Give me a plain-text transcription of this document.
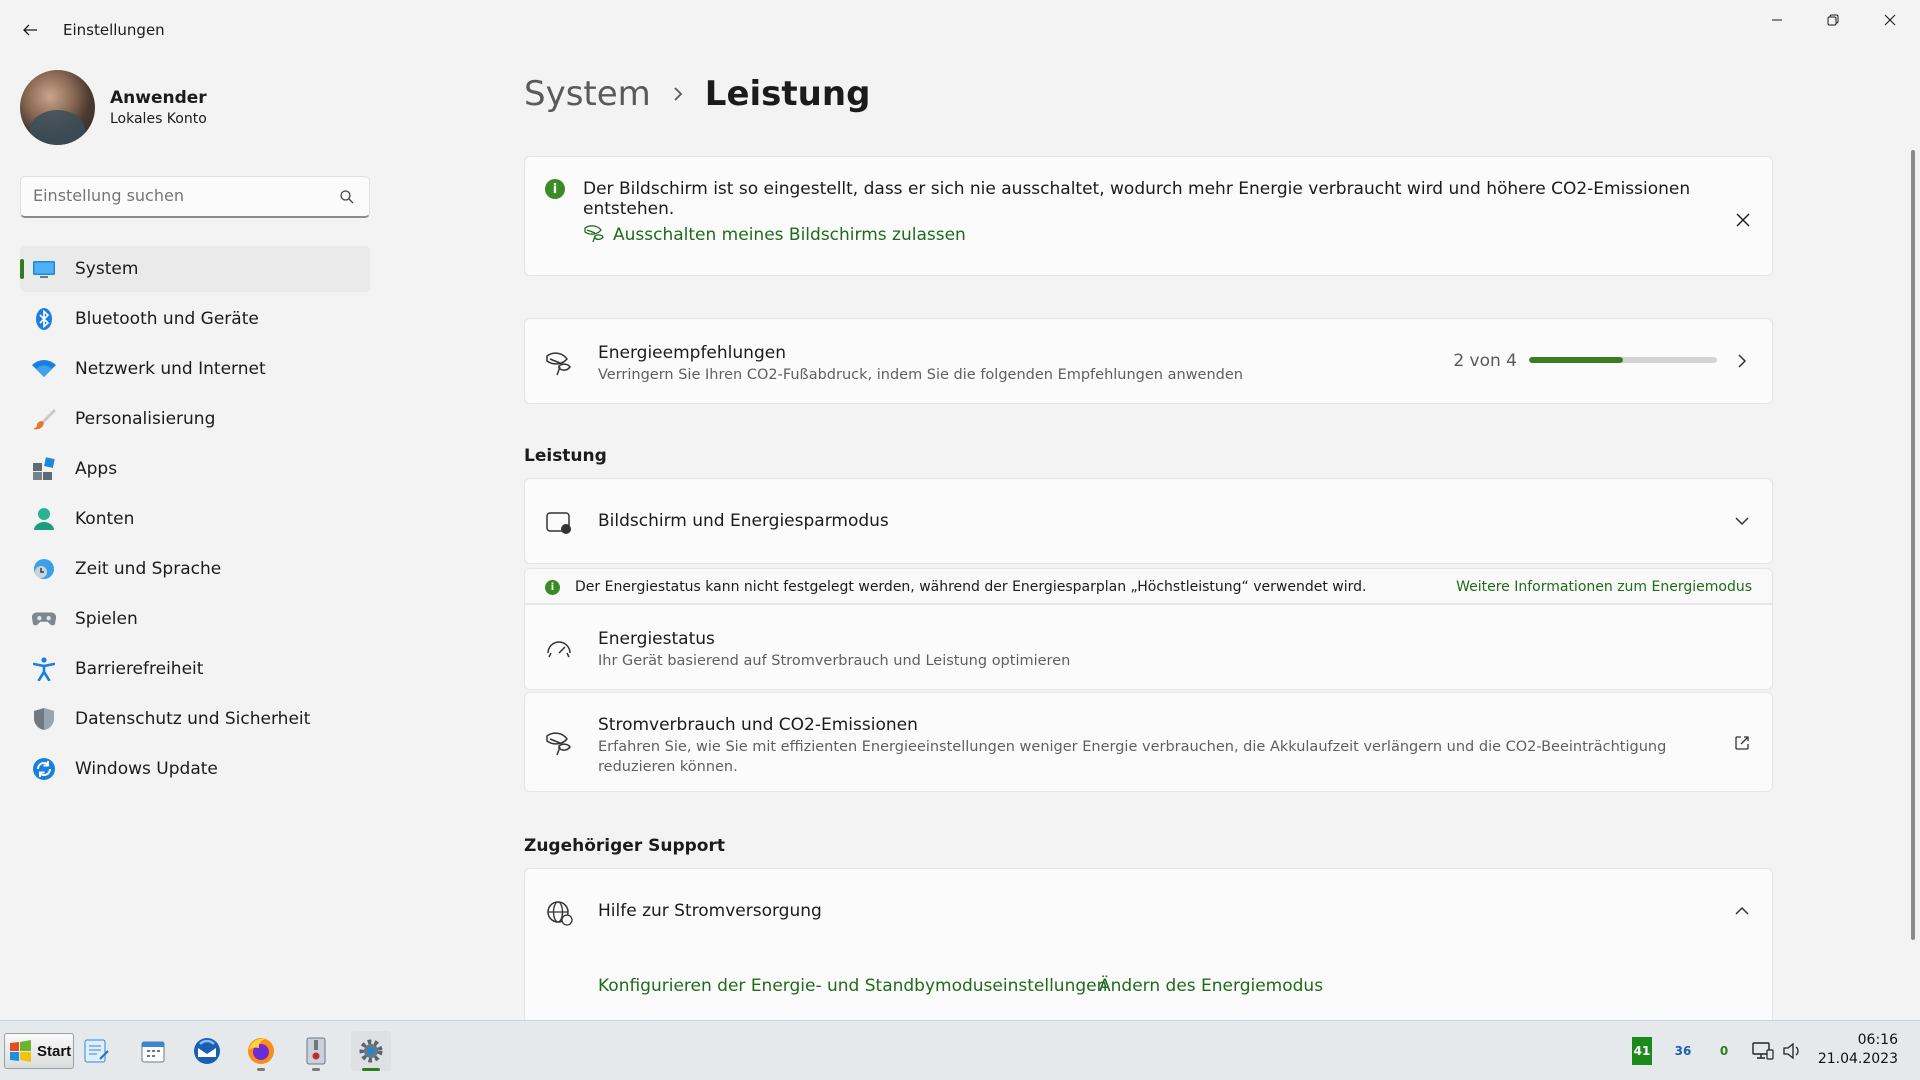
Einstellungen
Anwender
Lokales Konto
Einstellung suchen
System
Bluetooth und Geräte
Netzwerk und Internet
Personalisierung
Apps
Konten
Zeit und Sprache
Spielen
Barrierefreiheit
Datenschutz und Sicherheit
Windows Update
System Leistung
i	Der Bildschirm ist so eingestellt, dass er sich nie ausschaltet, wodurch mehr Energie verbraucht wird und höhere CO2-Emissionen entstehen.
Ausschalten meines Bildschirms zulassen
Energieempfehlungen
Verringern Sie Ihren CO2-Fußabdruck, indem Sie die folgenden Empfehlungen anwenden
2 von 4
Leistung
Bildschirm und Energiesparmodus
i	Der Energiestatus kann nicht festgelegt werden, während der Energiesparplan „Höchstleistung“ verwendet wird.	Weitere Informationen zum Energiemodus
Energiestatus
Ihr Gerät basierend auf Stromverbrauch und Leistung optimieren
Stromverbrauch und CO2-Emissionen
Erfahren Sie, wie Sie mit effizienten Energieeinstellungen weniger Energie verbrauchen, die Akkulaufzeit verlängern und die CO2-Beeinträchtigung reduzieren können.
Zugehöriger Support
Hilfe zur Stromversorgung
Konfigurieren der Energie- und Standbymoduseinstellungen
Ändern des Energiemodus
Start	41	36	0
06:16
21.04.2023
